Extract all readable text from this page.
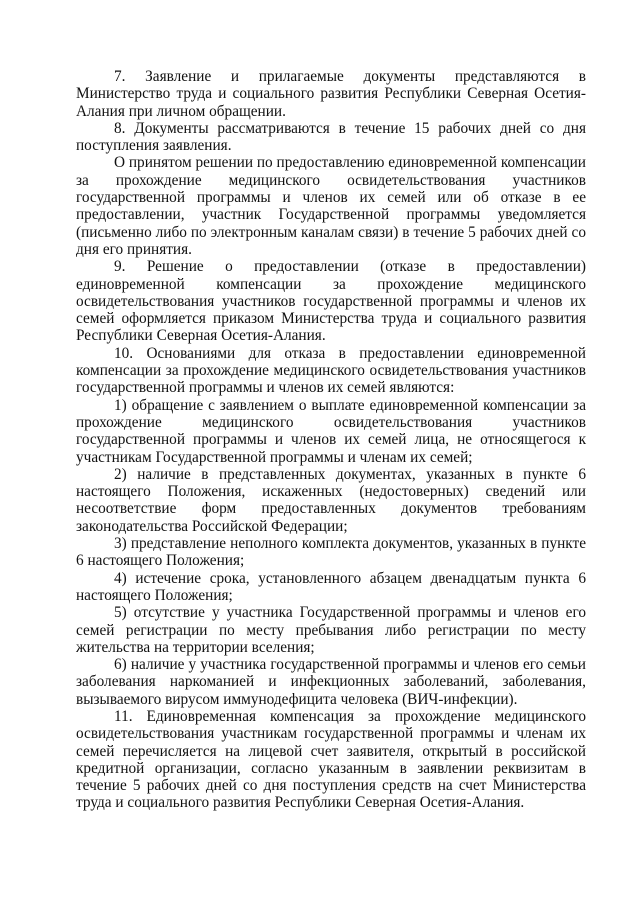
7. Заявление и прилагаемые документы представляются в Министерство труда и социального развития Республики Северная Осетия-Алания при личном обращении.

8. Документы рассматриваются в течение 15 рабочих дней со дня поступления заявления.

О принятом решении по предоставлению единовременной компенсации за прохождение медицинского освидетельствования участников государственной программы и членов их семей или об отказе в ее предоставлении, участник Государственной программы уведомляется (письменно либо по электронным каналам связи) в течение 5 рабочих дней со дня его принятия.

9. Решение о предоставлении (отказе в предоставлении) единовременной компенсации за прохождение медицинского освидетельствования участников государственной программы и членов их семей оформляется приказом Министерства труда и социального развития Республики Северная Осетия-Алания.

10. Основаниями для отказа в предоставлении единовременной компенсации за прохождение медицинского освидетельствования участников государственной программы и членов их семей являются:

1) обращение с заявлением о выплате единовременной компенсации за прохождение медицинского освидетельствования участников государственной программы и членов их семей лица, не относящегося к участникам Государственной программы и членам их семей;

2) наличие в представленных документах, указанных в пункте 6 настоящего Положения, искаженных (недостоверных) сведений или несоответствие форм предоставленных документов требованиям законодательства Российской Федерации;

3) представление неполного комплекта документов, указанных в пункте 6 настоящего Положения;

4) истечение срока, установленного абзацем двенадцатым пункта 6 настоящего Положения;

5) отсутствие у участника Государственной программы и членов его семей регистрации по месту пребывания либо регистрации по месту жительства на территории вселения;

6) наличие у участника государственной программы и членов его семьи заболевания наркоманией и инфекционных заболеваний, заболевания, вызываемого вирусом иммунодефицита человека (ВИЧ-инфекции).

11. Единовременная компенсация за прохождение медицинского освидетельствования участникам государственной программы и членам их семей перечисляется на лицевой счет заявителя, открытый в российской кредитной организации, согласно указанным в заявлении реквизитам в течение 5 рабочих дней со дня поступления средств на счет Министерства труда и социального развития Республики Северная Осетия-Алания.
